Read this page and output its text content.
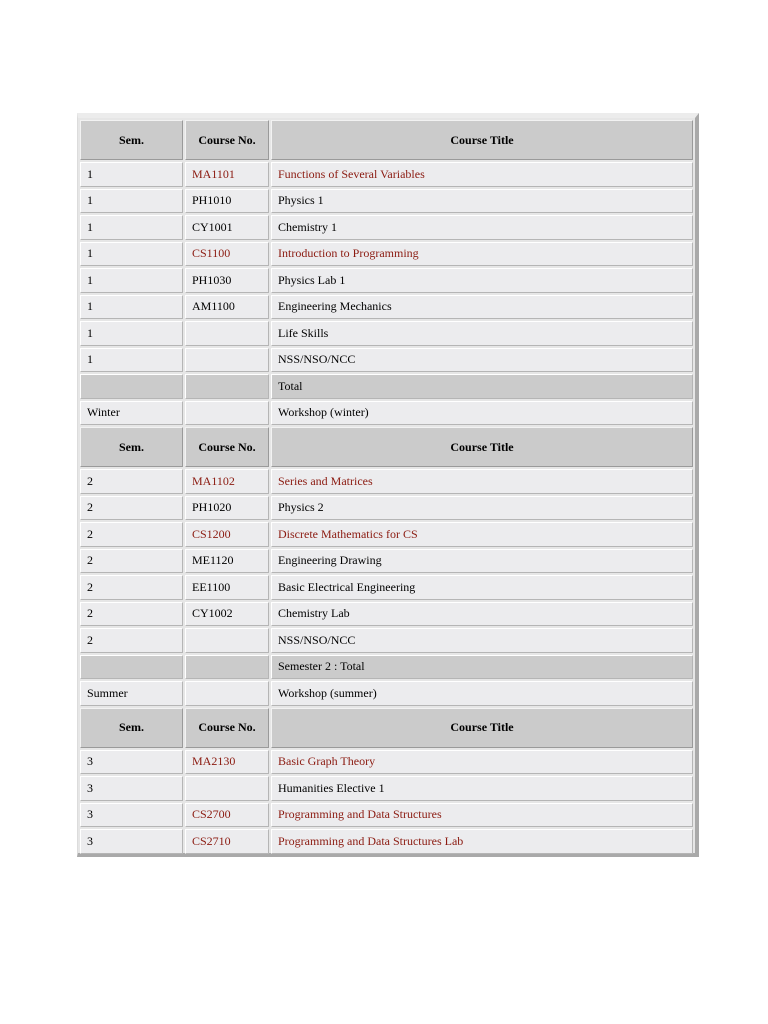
Sem.	Course No.	Course Title
1	MA1101	Functions of Several Variables
1	PH1010	Physics 1
1	CY1001	Chemistry 1
1	CS1100	Introduction to Programming
1	PH1030	Physics Lab 1
1	AM1100	Engineering Mechanics
1		Life Skills
1		NSS/NSO/NCC
		Total
Winter		Workshop (winter)
Sem.	Course No.	Course Title
2	MA1102	Series and Matrices
2	PH1020	Physics 2
2	CS1200	Discrete Mathematics for CS
2	ME1120	Engineering Drawing
2	EE1100	Basic Electrical Engineering
2	CY1002	Chemistry Lab
2		NSS/NSO/NCC
		Semester 2 : Total
Summer		Workshop (summer)
Sem.	Course No.	Course Title
3	MA2130	Basic Graph Theory
3		Humanities Elective 1
3	CS2700	Programming and Data Structures
3	CS2710	Programming and Data Structures Lab
